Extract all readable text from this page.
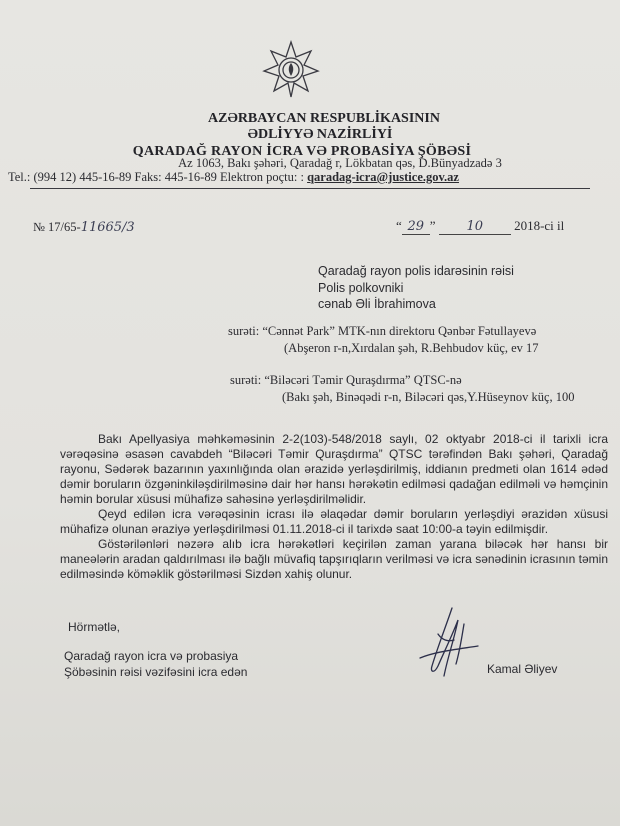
AZƏRBAYCAN RESPUBLİKASININ
ƏDLİYYƏ NAZİRLİYİ
QARADAĞ RAYON İCRA VƏ PROBASİYA ŞÖBƏSİ
Az 1063, Bakı şəhəri, Qaradağ r, Lökbatan qəs, D.Bünyadzadə 3
Tel.: (994 12) 445-16-89 Faks: 445-16-89 Elektron poçtu: : qaradag-icra@justice.gov.az
№ 17/65-11665/3	“ 29 ” 10 2018-ci il
Qaradağ rayon polis idarəsinin rəisi
Polis polkovniki
cənab Əli İbrahimova
surəti: “Cənnət Park” MTK-nın direktoru Qənbər Fətullayevə
(Abşeron r-n,Xırdalan şəh, R.Behbudov küç, ev 17
surəti: “Biləcəri Təmir Quraşdırma” QTSC-nə
(Bakı şəh, Binəqədi r-n, Biləcəri qəs,Y.Hüseynov küç, 100

Bakı Apellyasiya məhkəməsinin 2-2(103)-548/2018 saylı, 02 oktyabr 2018-ci il tarixli icra vərəqəsinə əsasən cavabdeh “Biləcəri Təmir Quraşdırma” QTSC tərəfindən Bakı şəhəri, Qaradağ rayonu, Sədərək bazarının yaxınlığında olan ərazidə yerləşdirilmiş, iddianın predmeti olan 1614 ədəd dəmir boruların özgəninkiləşdirilməsinə dair hər hansı hərəkətin edilməsi qadağan edilməli və həmçinin həmin borular xüsusi mühafizə sahəsinə yerləşdirilməlidir.

Qeyd edilən icra vərəqəsinin icrası ilə əlaqədar dəmir boruların yerləşdiyi ərazidən xüsusi mühafizə olunan əraziyə yerləşdirilməsi 01.11.2018-ci il tarixdə saat 10:00-a təyin edilmişdir.

Göstərilənləri nəzərə alıb icra hərəkətləri keçirilən zaman yarana biləcək hər hansı bir maneələrin aradan qaldırılması ilə bağlı müvafiq tapşırıqların verilməsi və icra sənədinin icrasının təmin edilməsində köməklik göstərilməsi Sizdən xahiş olunur.

Hörmətlə,
Qaradağ rayon icra və probasiya
Şöbəsinin rəisi vəzifəsini icra edən	Kamal Əliyev
